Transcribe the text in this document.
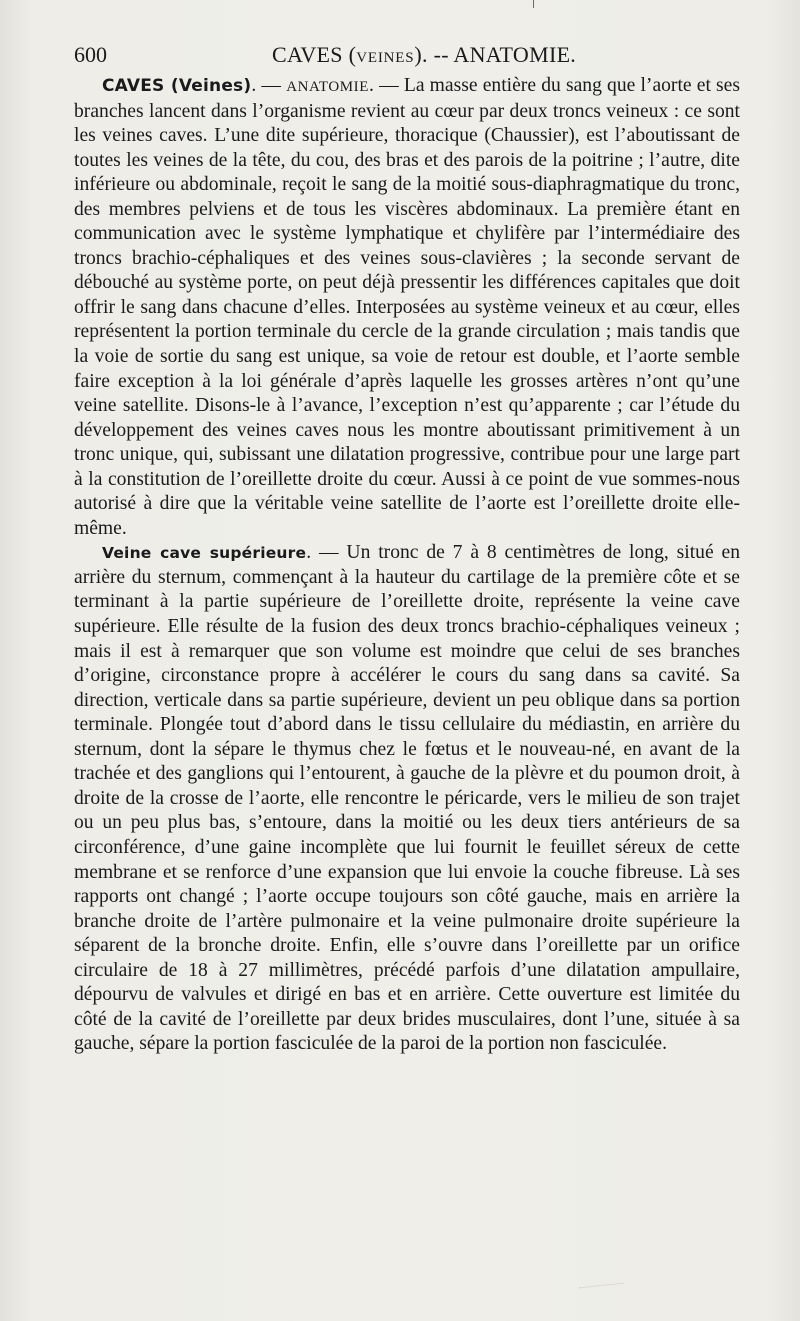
600	CAVES (VEINES). -- ANATOMIE.

CAVES (Veines). — ANATOMIE. — La masse entière du sang que l’aorte et ses branches lancent dans l’organisme revient au cœur par deux troncs veineux : ce sont les veines caves. L’une dite supérieure, thoracique (Chaussier), est l’aboutissant de toutes les veines de la tête, du cou, des bras et des parois de la poitrine ; l’autre, dite inférieure ou abdominale, reçoit le sang de la moitié sous-diaphragmatique du tronc, des membres pelviens et de tous les viscères abdominaux. La première étant en communication avec le système lymphatique et chylifère par l’intermédiaire des troncs brachio-céphaliques et des veines sous-clavières ; la seconde servant de débouché au système porte, on peut déjà pressentir les différences capitales que doit offrir le sang dans chacune d’elles. Interposées au système veineux et au cœur, elles représentent la portion terminale du cercle de la grande circulation ; mais tandis que la voie de sortie du sang est unique, sa voie de retour est double, et l’aorte semble faire exception à la loi générale d’après laquelle les grosses artères n’ont qu’une veine satellite. Disons-le à l’avance, l’exception n’est qu’apparente ; car l’étude du développement des veines caves nous les montre aboutissant primitivement à un tronc unique, qui, subissant une dilatation progressive, contribue pour une large part à la constitution de l’oreillette droite du cœur. Aussi à ce point de vue sommes-nous autorisé à dire que la véritable veine satellite de l’aorte est l’oreillette droite elle-même.

Veine cave supérieure. — Un tronc de 7 à 8 centimètres de long, situé en arrière du sternum, commençant à la hauteur du cartilage de la première côte et se terminant à la partie supérieure de l’oreillette droite, représente la veine cave supérieure. Elle résulte de la fusion des deux troncs brachio-céphaliques veineux ; mais il est à remarquer que son volume est moindre que celui de ses branches d’origine, circonstance propre à accélérer le cours du sang dans sa cavité. Sa direction, verticale dans sa partie supérieure, devient un peu oblique dans sa portion terminale. Plongée tout d’abord dans le tissu cellulaire du médiastin, en arrière du sternum, dont la sépare le thymus chez le fœtus et le nouveau-né, en avant de la trachée et des ganglions qui l’entourent, à gauche de la plèvre et du poumon droit, à droite de la crosse de l’aorte, elle rencontre le péricarde, vers le milieu de son trajet ou un peu plus bas, s’entoure, dans la moitié ou les deux tiers antérieurs de sa circonférence, d’une gaine incomplète que lui fournit le feuillet séreux de cette membrane et se renforce d’une expansion que lui envoie la couche fibreuse. Là ses rapports ont changé ; l’aorte occupe toujours son côté gauche, mais en arrière la branche droite de l’artère pulmonaire et la veine pulmonaire droite supérieure la séparent de la bronche droite. Enfin, elle s’ouvre dans l’oreillette par un orifice circulaire de 18 à 27 millimètres, précédé parfois d’une dilatation ampullaire, dépourvu de valvules et dirigé en bas et en arrière. Cette ouverture est limitée du côté de la cavité de l’oreillette par deux brides musculaires, dont l’une, située à sa gauche, sépare la portion fasciculée de la paroi de la portion non fasciculée.
